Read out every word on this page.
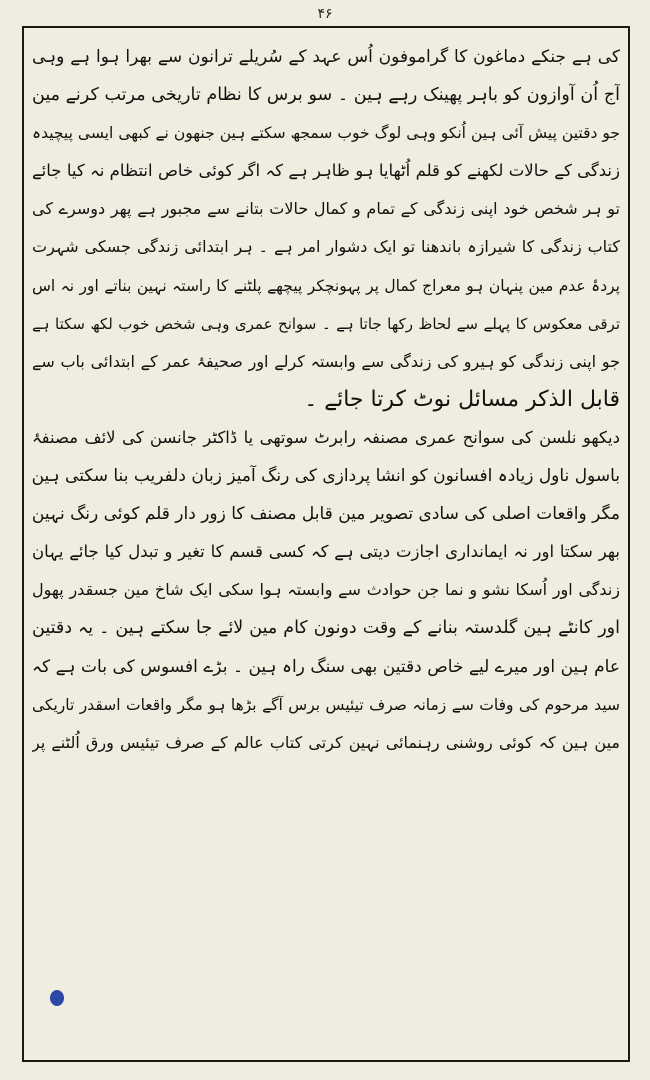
۴۶
کی ہے جنکے دماغون کا گراموفون اُس عہد کے سُریلے ترانون سے بھرا ہوا ہے وہی
آج اُن آوازون کو باہر پھینک رہے ہین ۔ سو برس کا نظام تاریخی مرتب کرنے مین
جو دقتین پیش آئی ہین اُنکو وہی لوگ خوب سمجھ سکتے ہین جنھون نے کبھی ایسی پیچیدہ
زندگی کے حالات لکھنے کو قلم اُٹھایا ہو ظاہر ہے کہ اگر کوئی خاص انتظام نہ کیا جائے
تو ہر شخص خود اپنی زندگی کے تمام و کمال حالات بتانے سے مجبور ہے پھر دوسرے کی
کتاب زندگی کا شیرازہ باندھنا تو ایک دشوار امر ہے ۔ ہر ابتدائی زندگی جسکی شہرت
پردۂ عدم مین پنہان ہو معراج کمال پر پہونچکر پیچھے پلٹنے کا راستہ نہین بناتے اور نہ اس
ترقی معکوس کا پہلے سے لحاظ رکھا جاتا ہے ۔ سوانح عمری وہی شخص خوب لکھ سکتا ہے
جو اپنی زندگی کو ہیرو کی زندگی سے وابستہ کرلے اور صحیفۂ عمر کے ابتدائی باب سے
قابل الذکر مسائل نوٹ کرتا جائے ۔
دیکھو نلسن کی سوانح عمری مصنفہ رابرٹ سوتھی یا ڈاکٹر جانسن کی لائف مصنفۂ
باسول ناول زیادہ افسانون کو انشا پردازی کی رنگ آمیز زبان دلفریب بنا سکتی ہین
مگر واقعات اصلی کی سادی تصویر مین قابل مصنف کا زور دار قلم کوئی رنگ نہین
بھر سکتا اور نہ ایمانداری اجازت دیتی ہے کہ کسی قسم کا تغیر و تبدل کیا جائے یہان
زندگی اور اُسکا نشو و نما جن حوادث سے وابستہ ہوا سکی ایک شاخ مین جسقدر پھول
اور کانٹے ہین گلدستہ بنانے کے وقت دونون کام مین لائے جا سکتے ہین ۔ یہ دقتین
عام ہین اور میرے لیے خاص دقتین بھی سنگ راہ ہین ۔ بڑے افسوس کی بات ہے کہ
سید مرحوم کی وفات سے زمانہ صرف تیئیس برس آگے بڑھا ہو مگر واقعات اسقدر تاریکی
مین ہین کہ کوئی روشنی رہنمائی نہین کرتی کتاب عالم کے صرف تیئیس ورق اُلٹنے پر
